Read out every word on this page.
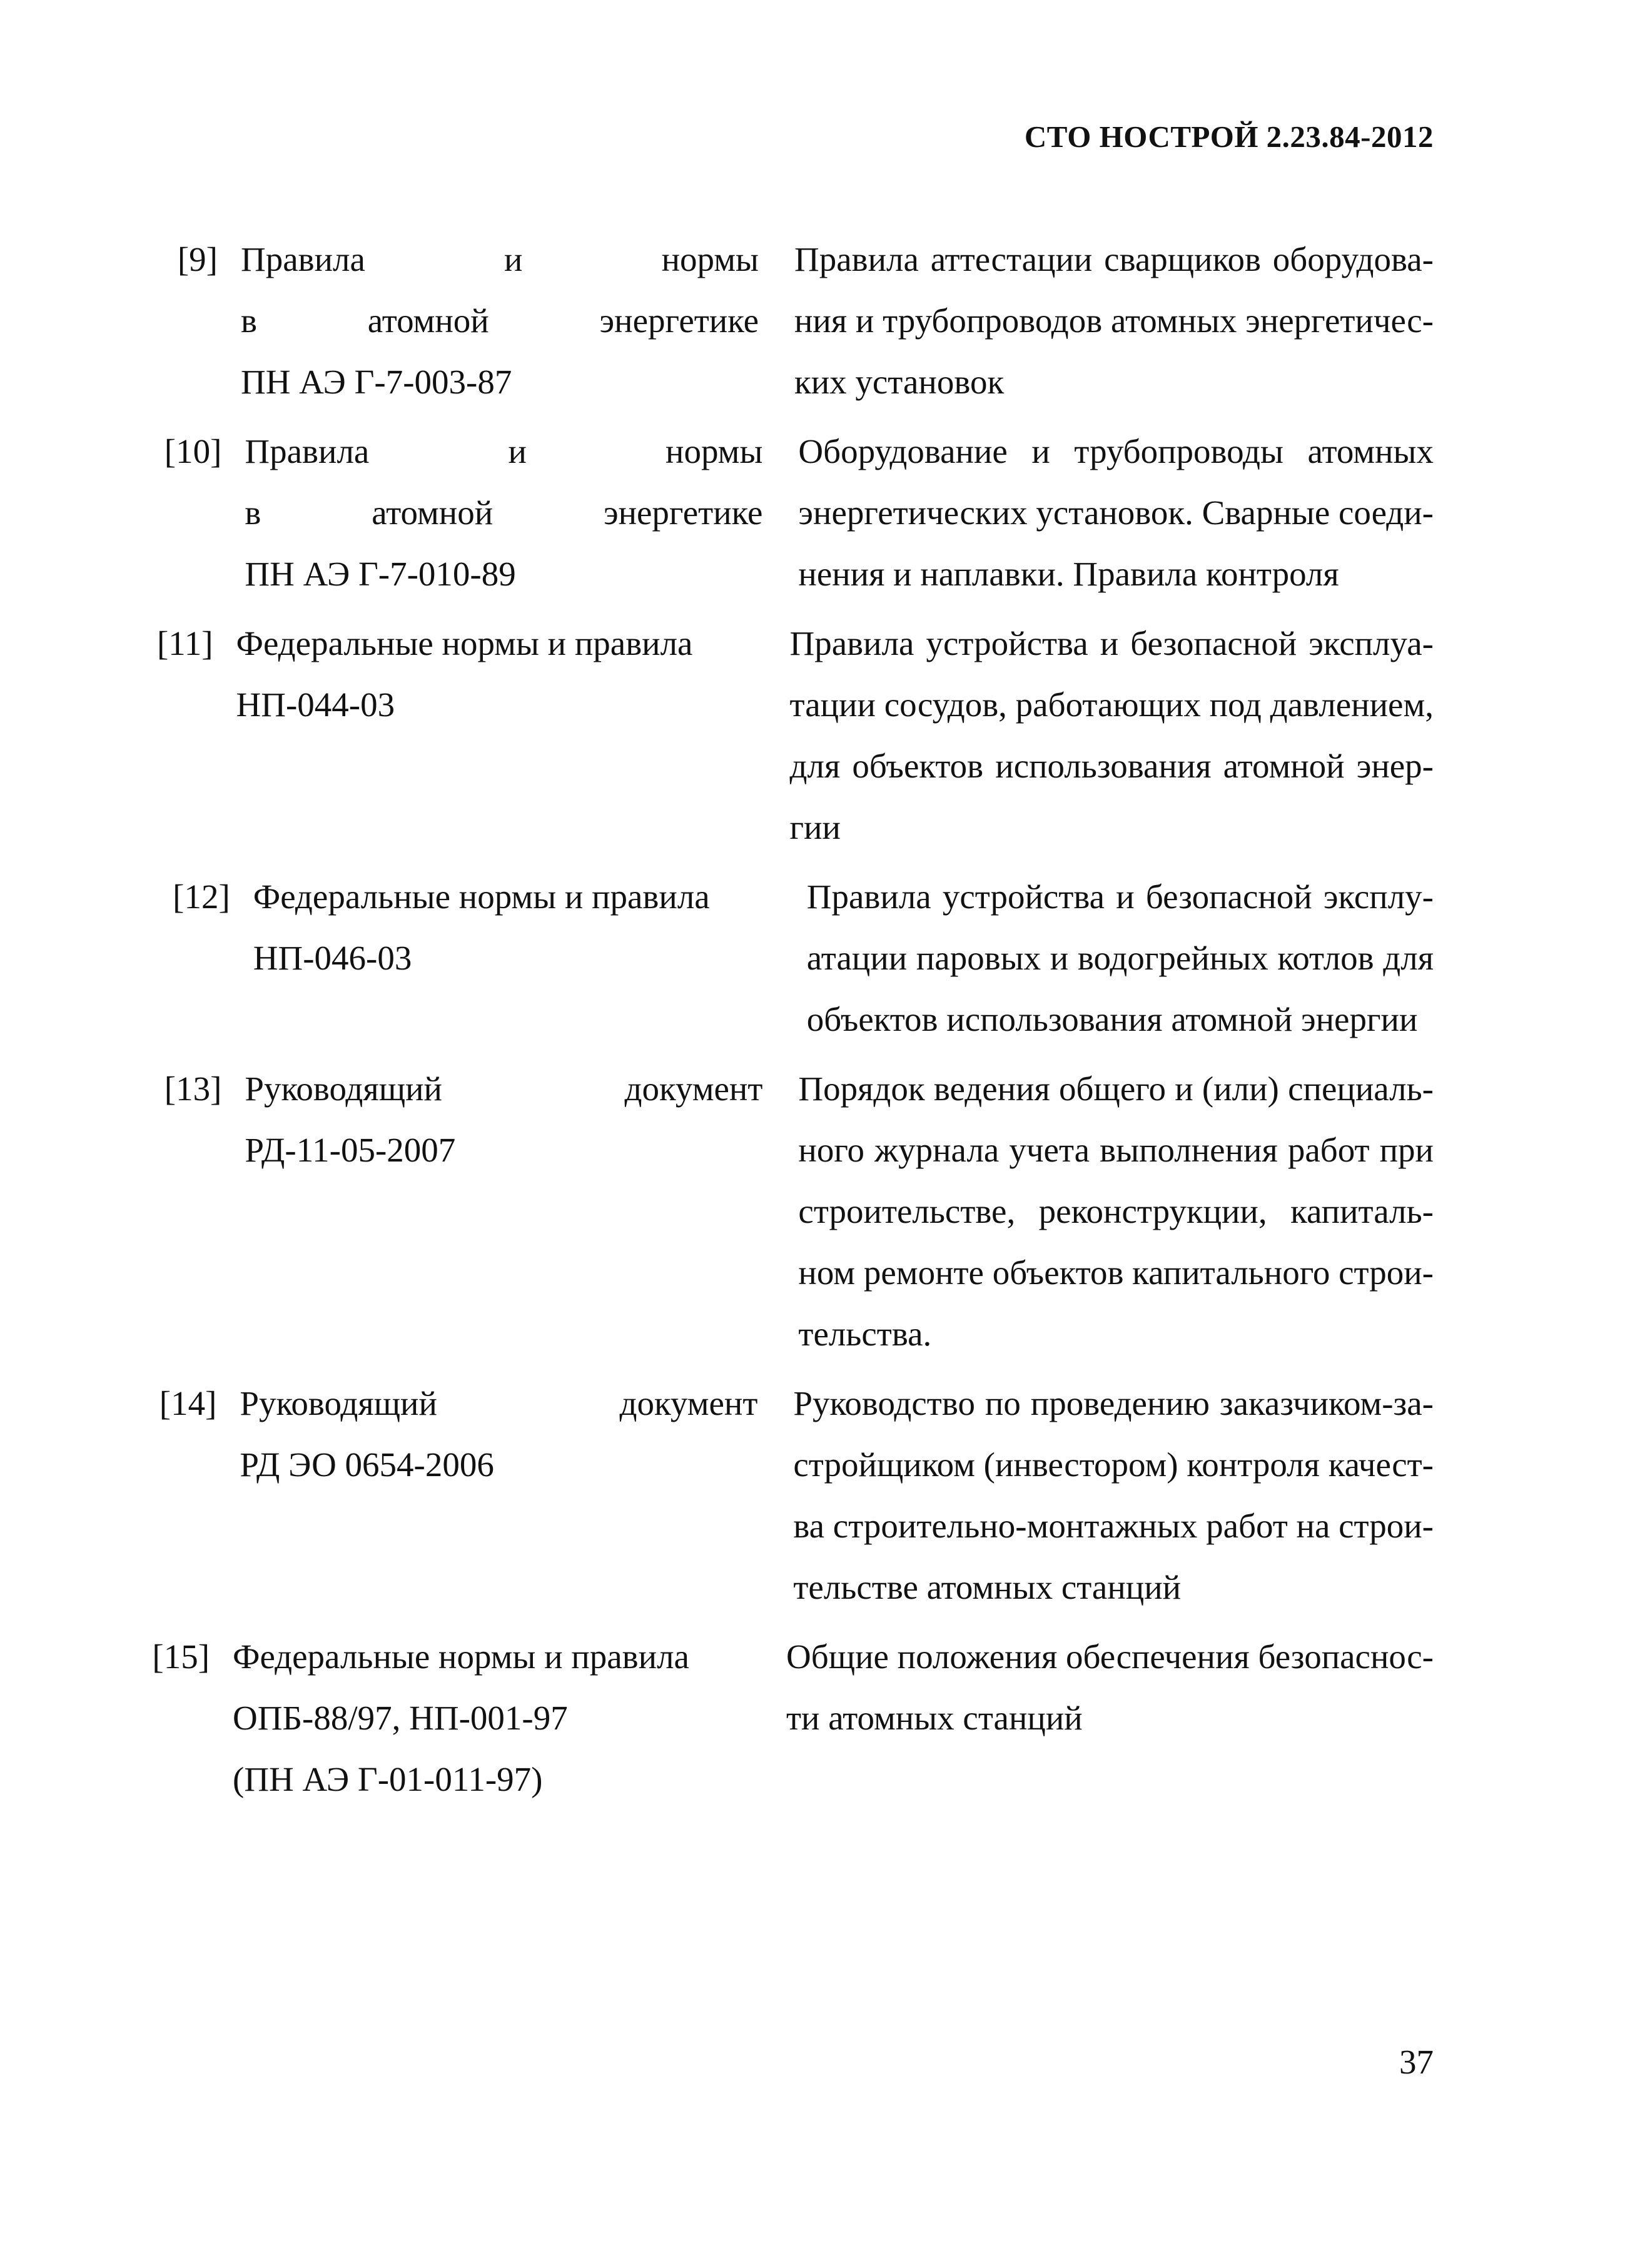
СТО НОСТРОЙ 2.23.84-2012
[9] Правила и нормы
в атомной энергетике
ПН АЭ Г-7-003-87
Правила аттестации сварщиков оборудова-
ния и трубопроводов атомных энергетичес-
ких установок
[10] Правила и нормы
в атомной энергетике
ПН АЭ Г-7-010-89
Оборудование и трубопроводы атомных
энергетических установок. Сварные соеди-
нения и наплавки. Правила контроля
[11] Федеральные нормы и правила
НП-044-03
Правила устройства и безопасной эксплуа-
тации сосудов, работающих под давлением,
для объектов использования атомной энер-
гии
[12] Федеральные нормы и правила
НП-046-03
Правила устройства и безопасной эксплу-
атации паровых и водогрейных котлов для
объектов использования атомной энергии
[13] Руководящий документ
РД-11-05-2007
Порядок ведения общего и (или) специаль-
ного журнала учета выполнения работ при
строительстве, реконструкции, капиталь-
ном ремонте объектов капитального строи-
тельства.
[14] Руководящий документ
РД ЭО 0654-2006
Руководство по проведению заказчиком-за-
стройщиком (инвестором) контроля качест-
ва строительно-монтажных работ на строи-
тельстве атомных станций
[15] Федеральные нормы и правила
ОПБ-88/97, НП-001-97
(ПН АЭ Г-01-011-97)
Общие положения обеспечения безопаснос-
ти атомных станций
37
